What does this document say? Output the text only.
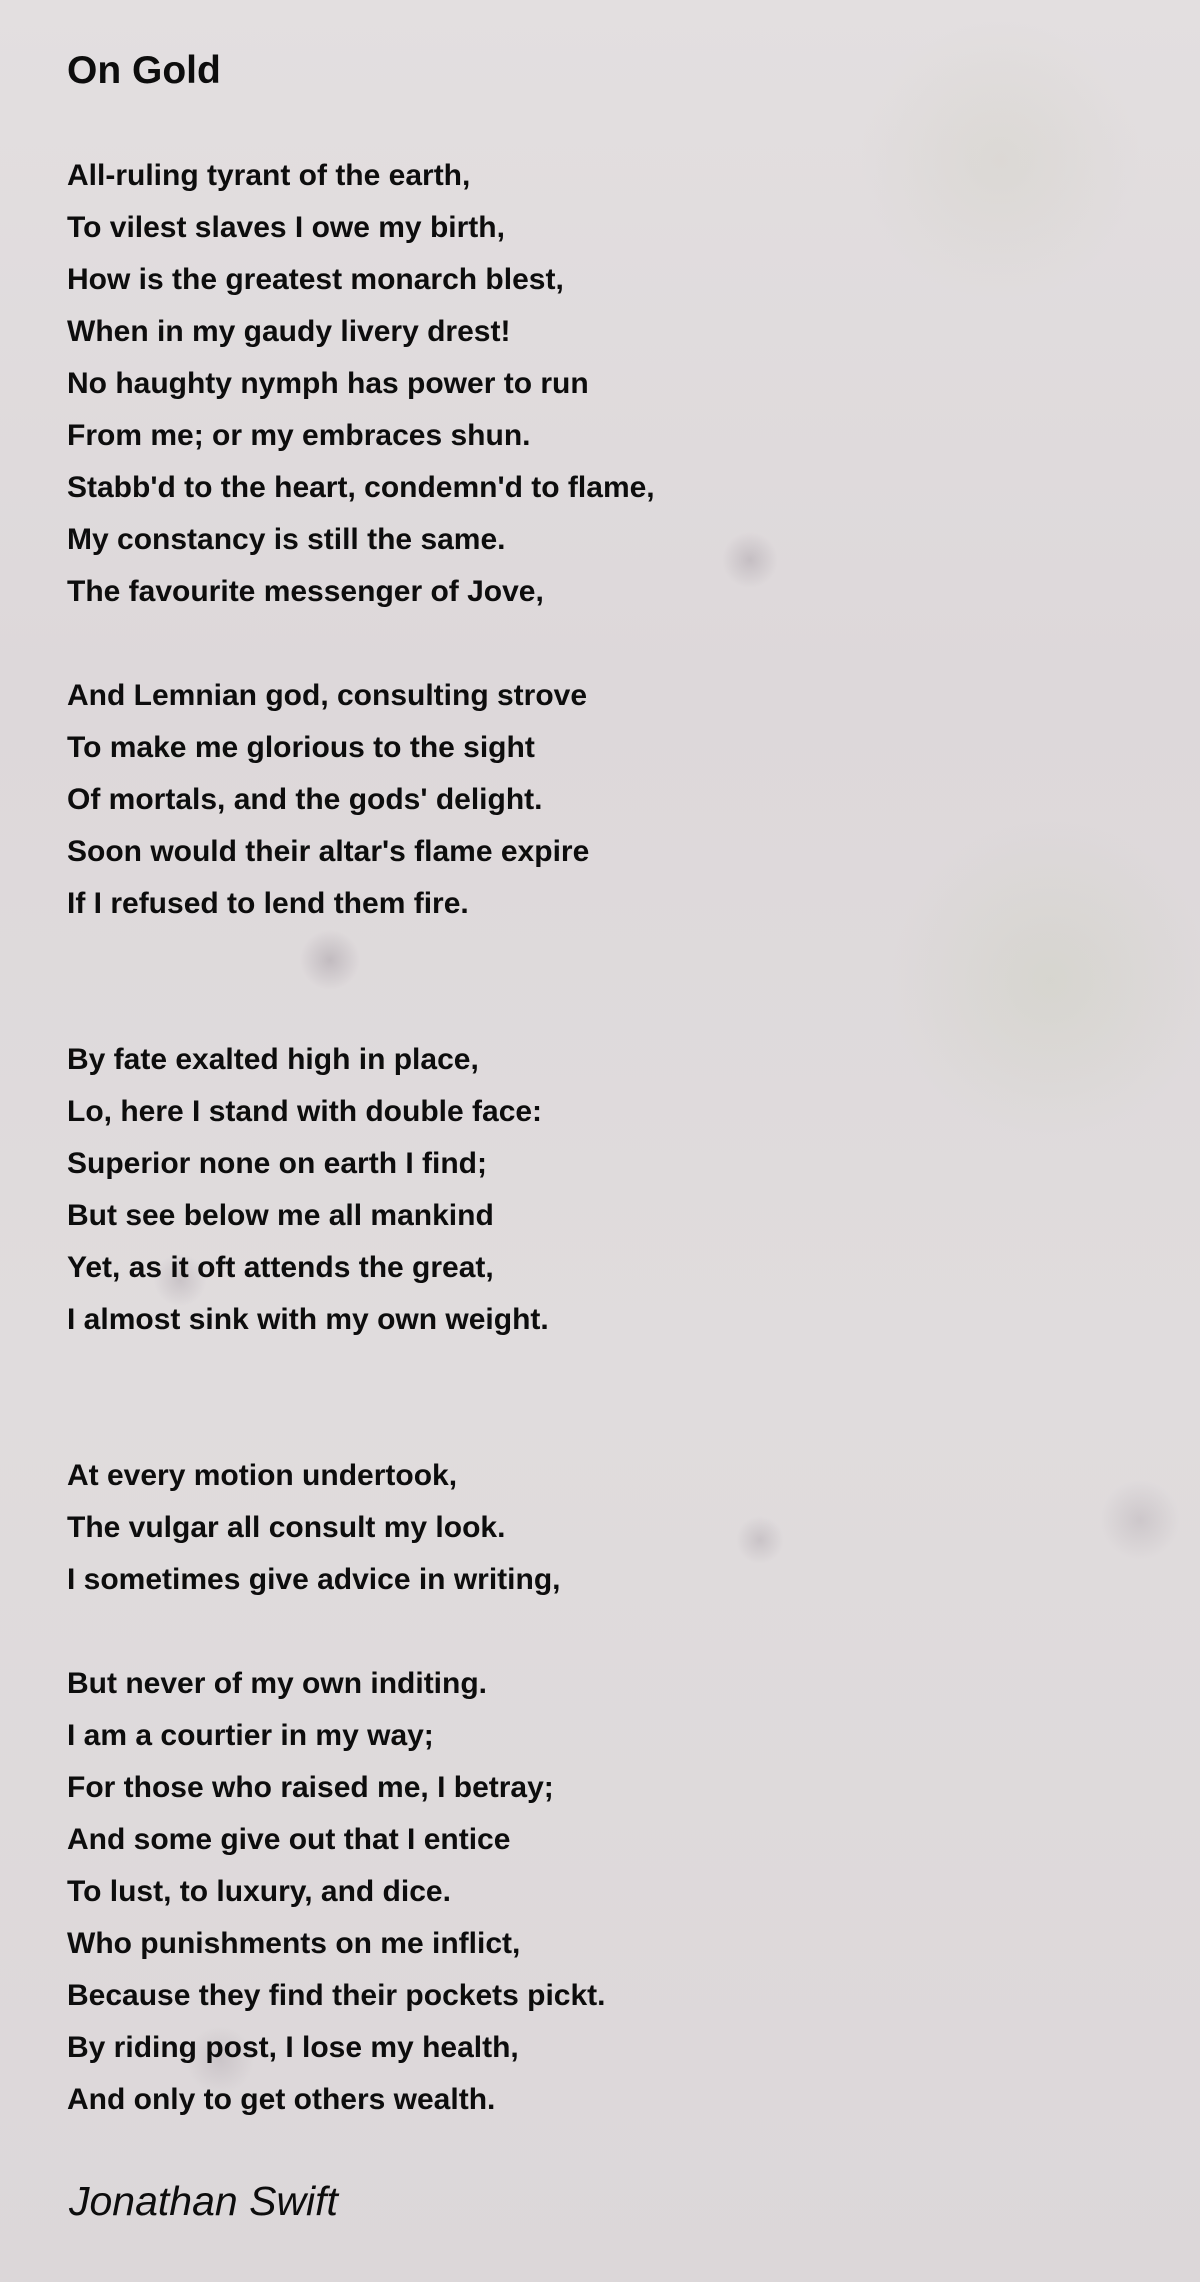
On Gold
All-ruling tyrant of the earth,
To vilest slaves I owe my birth,
How is the greatest monarch blest,
When in my gaudy livery drest!
No haughty nymph has power to run
From me; or my embraces shun.
Stabb'd to the heart, condemn'd to flame,
My constancy is still the same.
The favourite messenger of Jove,
And Lemnian god, consulting strove
To make me glorious to the sight
Of mortals, and the gods' delight.
Soon would their altar's flame expire
If I refused to lend them fire.
By fate exalted high in place,
Lo, here I stand with double face:
Superior none on earth I find;
But see below me all mankind
Yet, as it oft attends the great,
I almost sink with my own weight.
At every motion undertook,
The vulgar all consult my look.
I sometimes give advice in writing,
But never of my own inditing.
I am a courtier in my way;
For those who raised me, I betray;
And some give out that I entice
To lust, to luxury, and dice.
Who punishments on me inflict,
Because they find their pockets pickt.
By riding post, I lose my health,
And only to get others wealth.
Jonathan Swift
